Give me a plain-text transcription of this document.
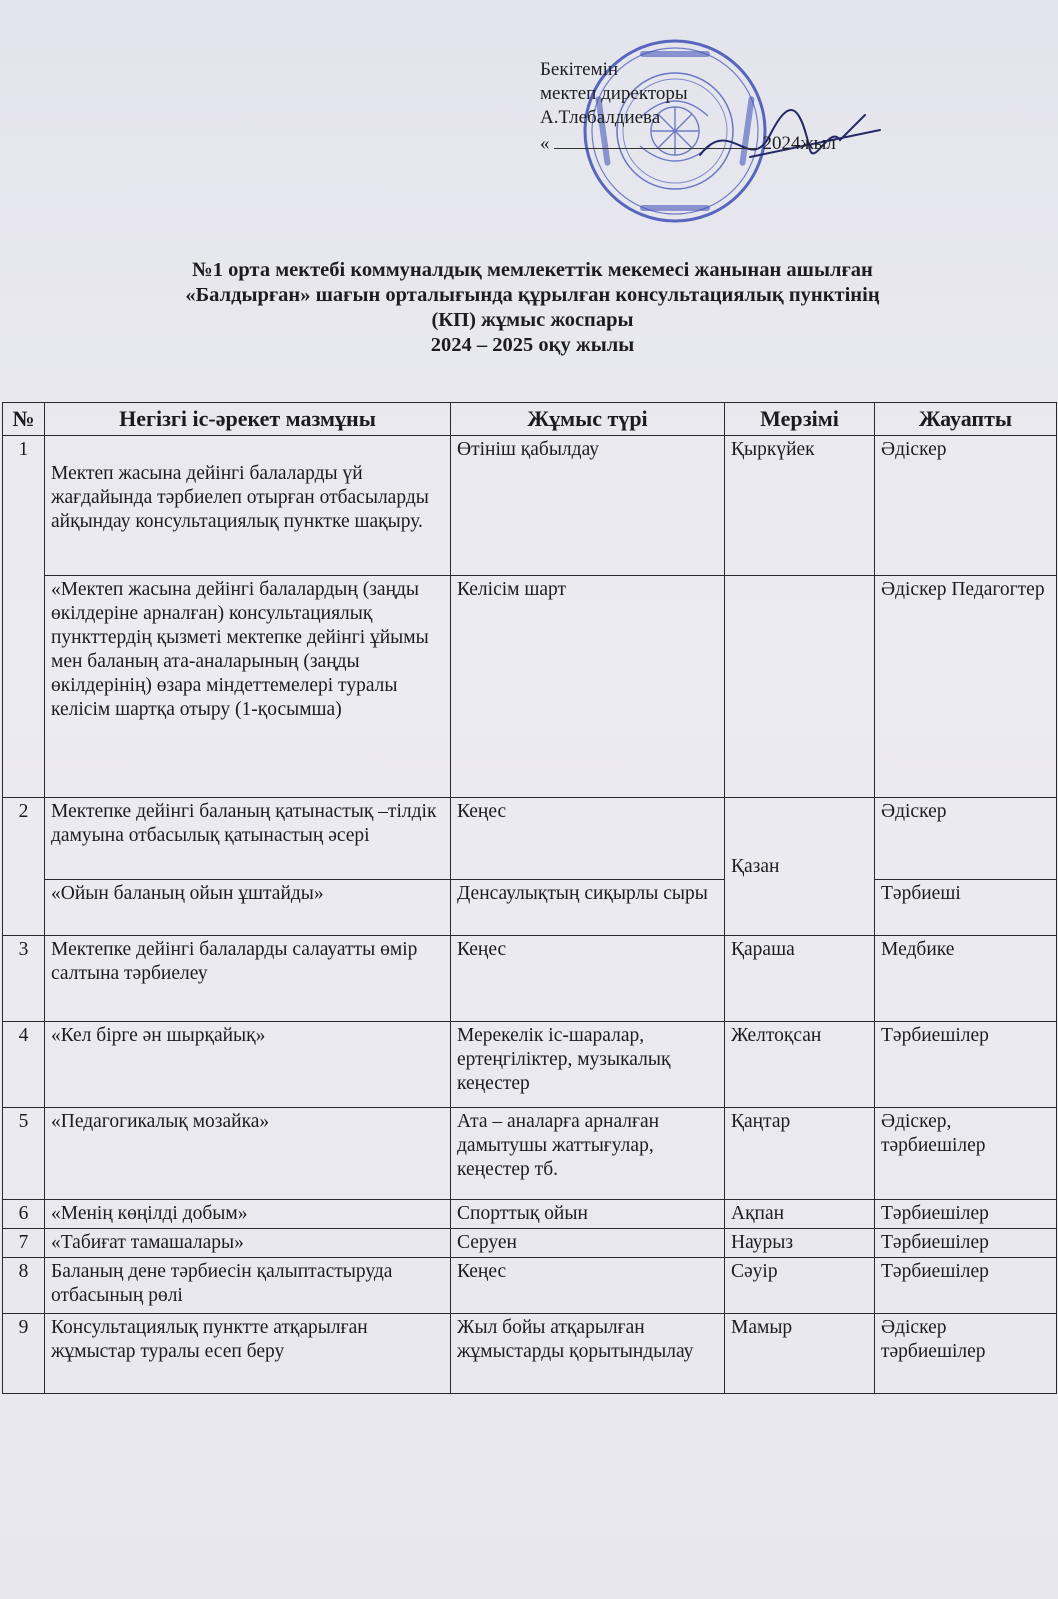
Бекітемін
мектеп директоры
А.Тлебалдиева
«	2024жыл
№1 орта мектебі коммуналдық мемлекеттік мекемесі жанынан ашылған
«Балдырған» шағын орталығында құрылған консультациялық пунктінің
(КП) жұмыс жоспары
2024 – 2025 оқу жылы
№	Негізгі іс-әрекет мазмұны	Жұмыс түрі	Мерзімі	Жауапты
1	Мектеп жасына дейінгі балаларды үй жағдайында тәрбиелеп отырған отбасыларды айқындау консультациялық пунктке шақыру.	Өтініш қабылдау	Қыркүйек	Әдіскер
	«Мектеп жасына дейінгі балалардың (заңды өкілдеріне арналған) консультациялық пункттердің қызметі мектепке дейінгі ұйымы мен баланың ата-аналарының (заңды өкілдерінің) өзара міндеттемелері туралы келісім шартқа отыру (1-қосымша)	Келісім шарт		Әдіскер Педагогтер
2	Мектепке дейінгі баланың қатынастық –тілдік дамуына отбасылық қатынастың әсері	Кеңес	Қазан	Әдіскер
	«Ойын баланың ойын ұштайды»	Денсаулықтың сиқырлы сыры		Тәрбиеші
3	Мектепке дейінгі балаларды салауатты өмір салтына тәрбиелеу	Кеңес	Қараша	Медбике
4	«Кел бірге ән шырқайық»	Мерекелік іс-шаралар, ертеңгіліктер, музыкалық кеңестер	Желтоқсан	Тәрбиешілер
5	«Педагогикалық мозайка»	Ата – аналарға арналған дамытушы жаттығулар, кеңестер тб.	Қаңтар	Әдіскер, тәрбиешілер
6	«Менің көңілді добым»	Спорттық ойын	Ақпан	Тәрбиешілер
7	«Табиғат тамашалары»	Серуен	Наурыз	Тәрбиешілер
8	Баланың дене тәрбиесін қалыптастыруда отбасының рөлі	Кеңес	Сәуір	Тәрбиешілер
9	Консультациялық пунктте атқарылған жұмыстар туралы есеп беру	Жыл бойы атқарылған жұмыстарды қорытындылау	Мамыр	Әдіскер тәрбиешілер
